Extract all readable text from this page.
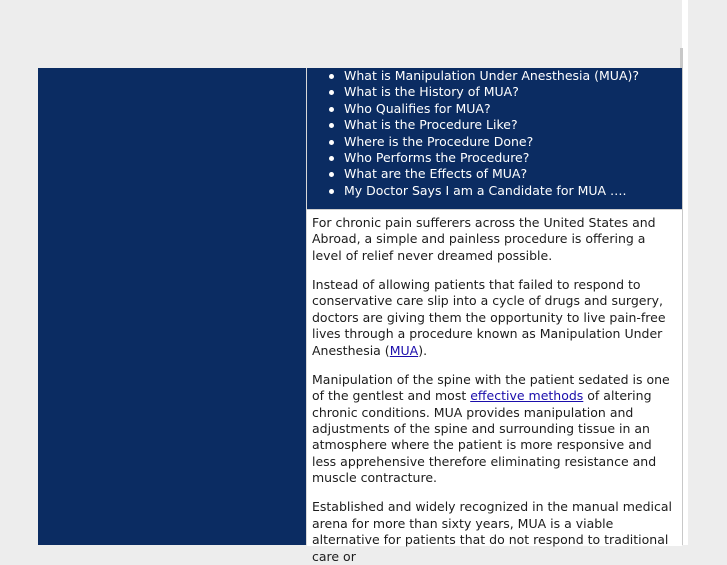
What is Manipulation Under Anesthesia (MUA)?
What is the History of MUA?
Who Qualifies for MUA?
What is the Procedure Like?
Where is the Procedure Done?
Who Performs the Procedure?
What are the Effects of MUA?
My Doctor Says I am a Candidate for MUA ….

For chronic pain sufferers across the United States and Abroad, a simple and painless procedure is offering a level of relief never dreamed possible.

Instead of allowing patients that failed to respond to conservative care slip into a cycle of drugs and surgery, doctors are giving them the opportunity to live pain-free lives through a procedure known as Manipulation Under Anesthesia (MUA).

Manipulation of the spine with the patient sedated is one of the gentlest and most effective methods of altering chronic conditions. MUA provides manipulation and adjustments of the spine and surrounding tissue in an atmosphere where the patient is more responsive and less apprehensive therefore eliminating resistance and muscle contracture.

Established and widely recognized in the manual medical arena for more than sixty years, MUA is a viable alternative for patients that do not respond to traditional care or
